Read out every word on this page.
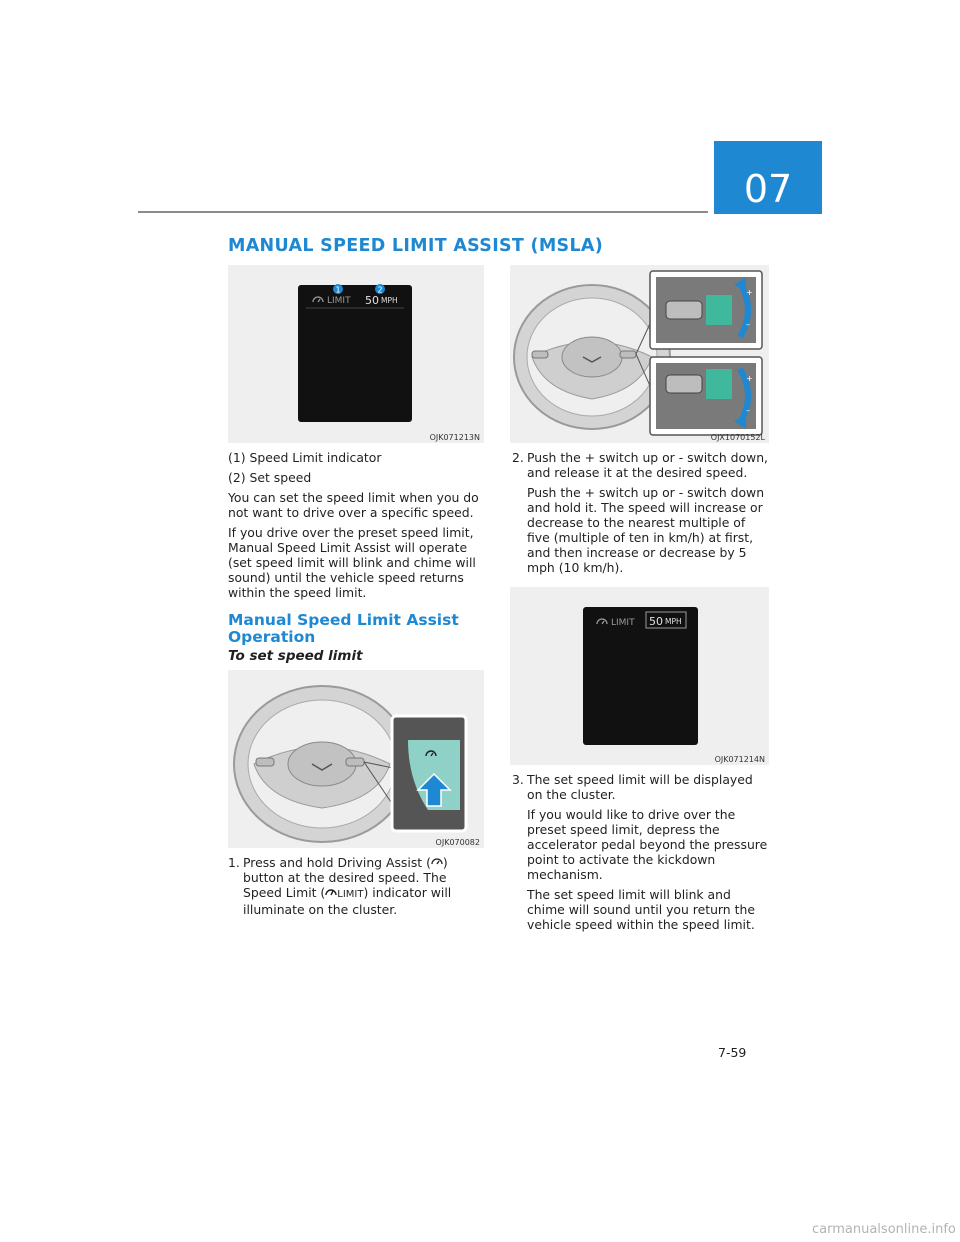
07
MANUAL SPEED LIMIT ASSIST (MSLA)
LIMIT 50 MPH
1	2
OJK071213N

(1) Speed Limit indicator

(2) Set speed

You can set the speed limit when you do not want to drive over a specific speed.

If you drive over the preset speed limit, Manual Speed Limit Assist will operate (set speed limit will blink and chime will sound) until the vehicle speed returns within the speed limit.

Manual Speed Limit Assist Operation
To set speed limit
OJK070082
1. Press and hold Driving Assist ( ) button at the desired speed. The Speed Limit ( LIMIT) indicator will illuminate on the cluster.
+
–
+
–
OJX1070152L
2. Push the + switch up or - switch down, and release it at the desired speed.

Push the + switch up or - switch down and hold it. The speed will increase or decrease to the nearest multiple of five (multiple of ten in km/h) at first, and then increase or decrease by 5 mph (10 km/h).

LIMIT 50 MPH
OJK071214N
3. The set speed limit will be displayed on the cluster.

If you would like to drive over the preset speed limit, depress the accelerator pedal beyond the pressure point to activate the kickdown mechanism.

The set speed limit will blink and chime will sound until you return the vehicle speed within the speed limit.

7-59
carmanualsonline.info
